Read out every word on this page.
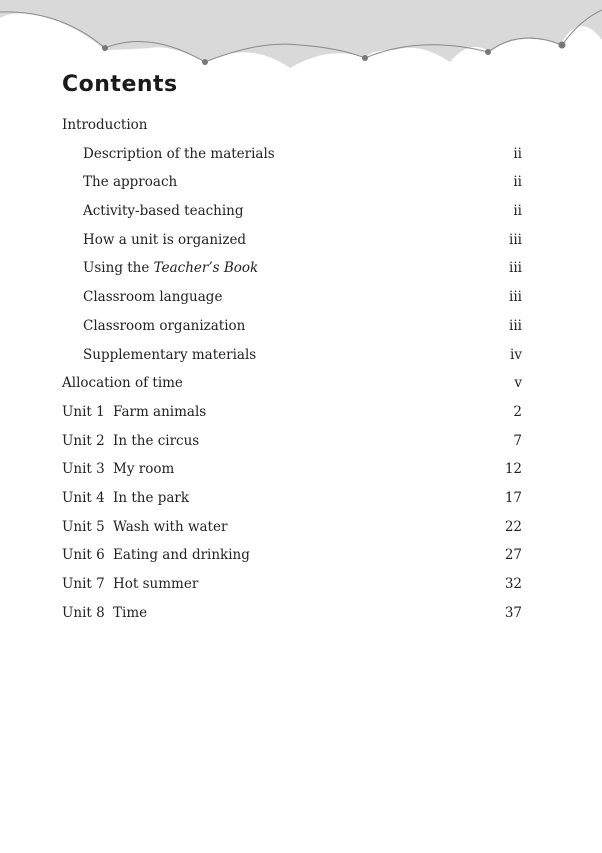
Contents
Introduction
Description of the materials	ii
The approach	ii
Activity-based teaching	ii
How a unit is organized	iii
Using the Teacher’s Book	iii
Classroom language	iii
Classroom organization	iii
Supplementary materials	iv
Allocation of time	v
Unit 1 Farm animals	2
Unit 2 In the circus	7
Unit 3 My room	12
Unit 4 In the park	17
Unit 5 Wash with water	22
Unit 6 Eating and drinking	27
Unit 7 Hot summer	32
Unit 8 Time	37
